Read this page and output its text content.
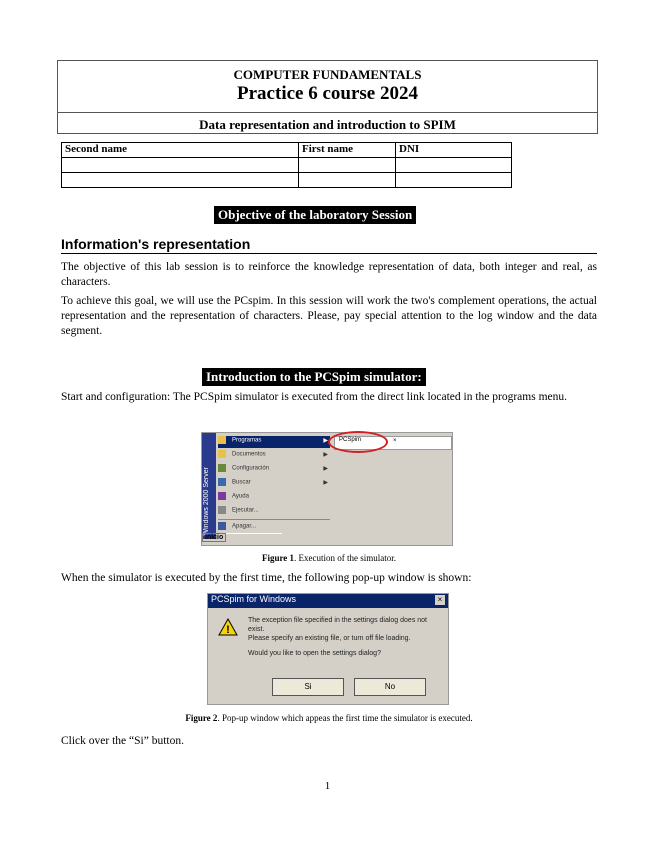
COMPUTER FUNDAMENTALS
Practice 6 course 2024
Data representation and introduction to SPIM
Second name	First name	DNI

Objective of the laboratory Session
Information's representation
The objective of this lab session is to reinforce the knowledge representation of data, both integer and real, as characters.
To achieve this goal, we will use the PCspim. In this session will work the two's complement operations, the actual representation and the representation of characters. Please, pay special attention to the log window and the data segment.
Introduction to the PCSpim simulator:
Start and configuration: The PCSpim simulator is executed from the direct link located in the programs menu.
Windows 2000 Server
Programas	▶
Documentos	▶
Configuración	▶
Buscar	▶
Ayuda
Ejecutar...
Apagar...
Inicio
PCSpim	×
Figure 1. Execution of the simulator.
When the simulator is executed by the first time, the following pop-up window is shown:
PCSpim for Windows	×
!
The exception file specified in the settings dialog does not exist.
Please specify an existing file, or turn off file loading.
Would you like to open the settings dialog?
Si	No
Figure 2. Pop-up window which appeas the first time the simulator is executed.
Click over the “Si” button.
1
